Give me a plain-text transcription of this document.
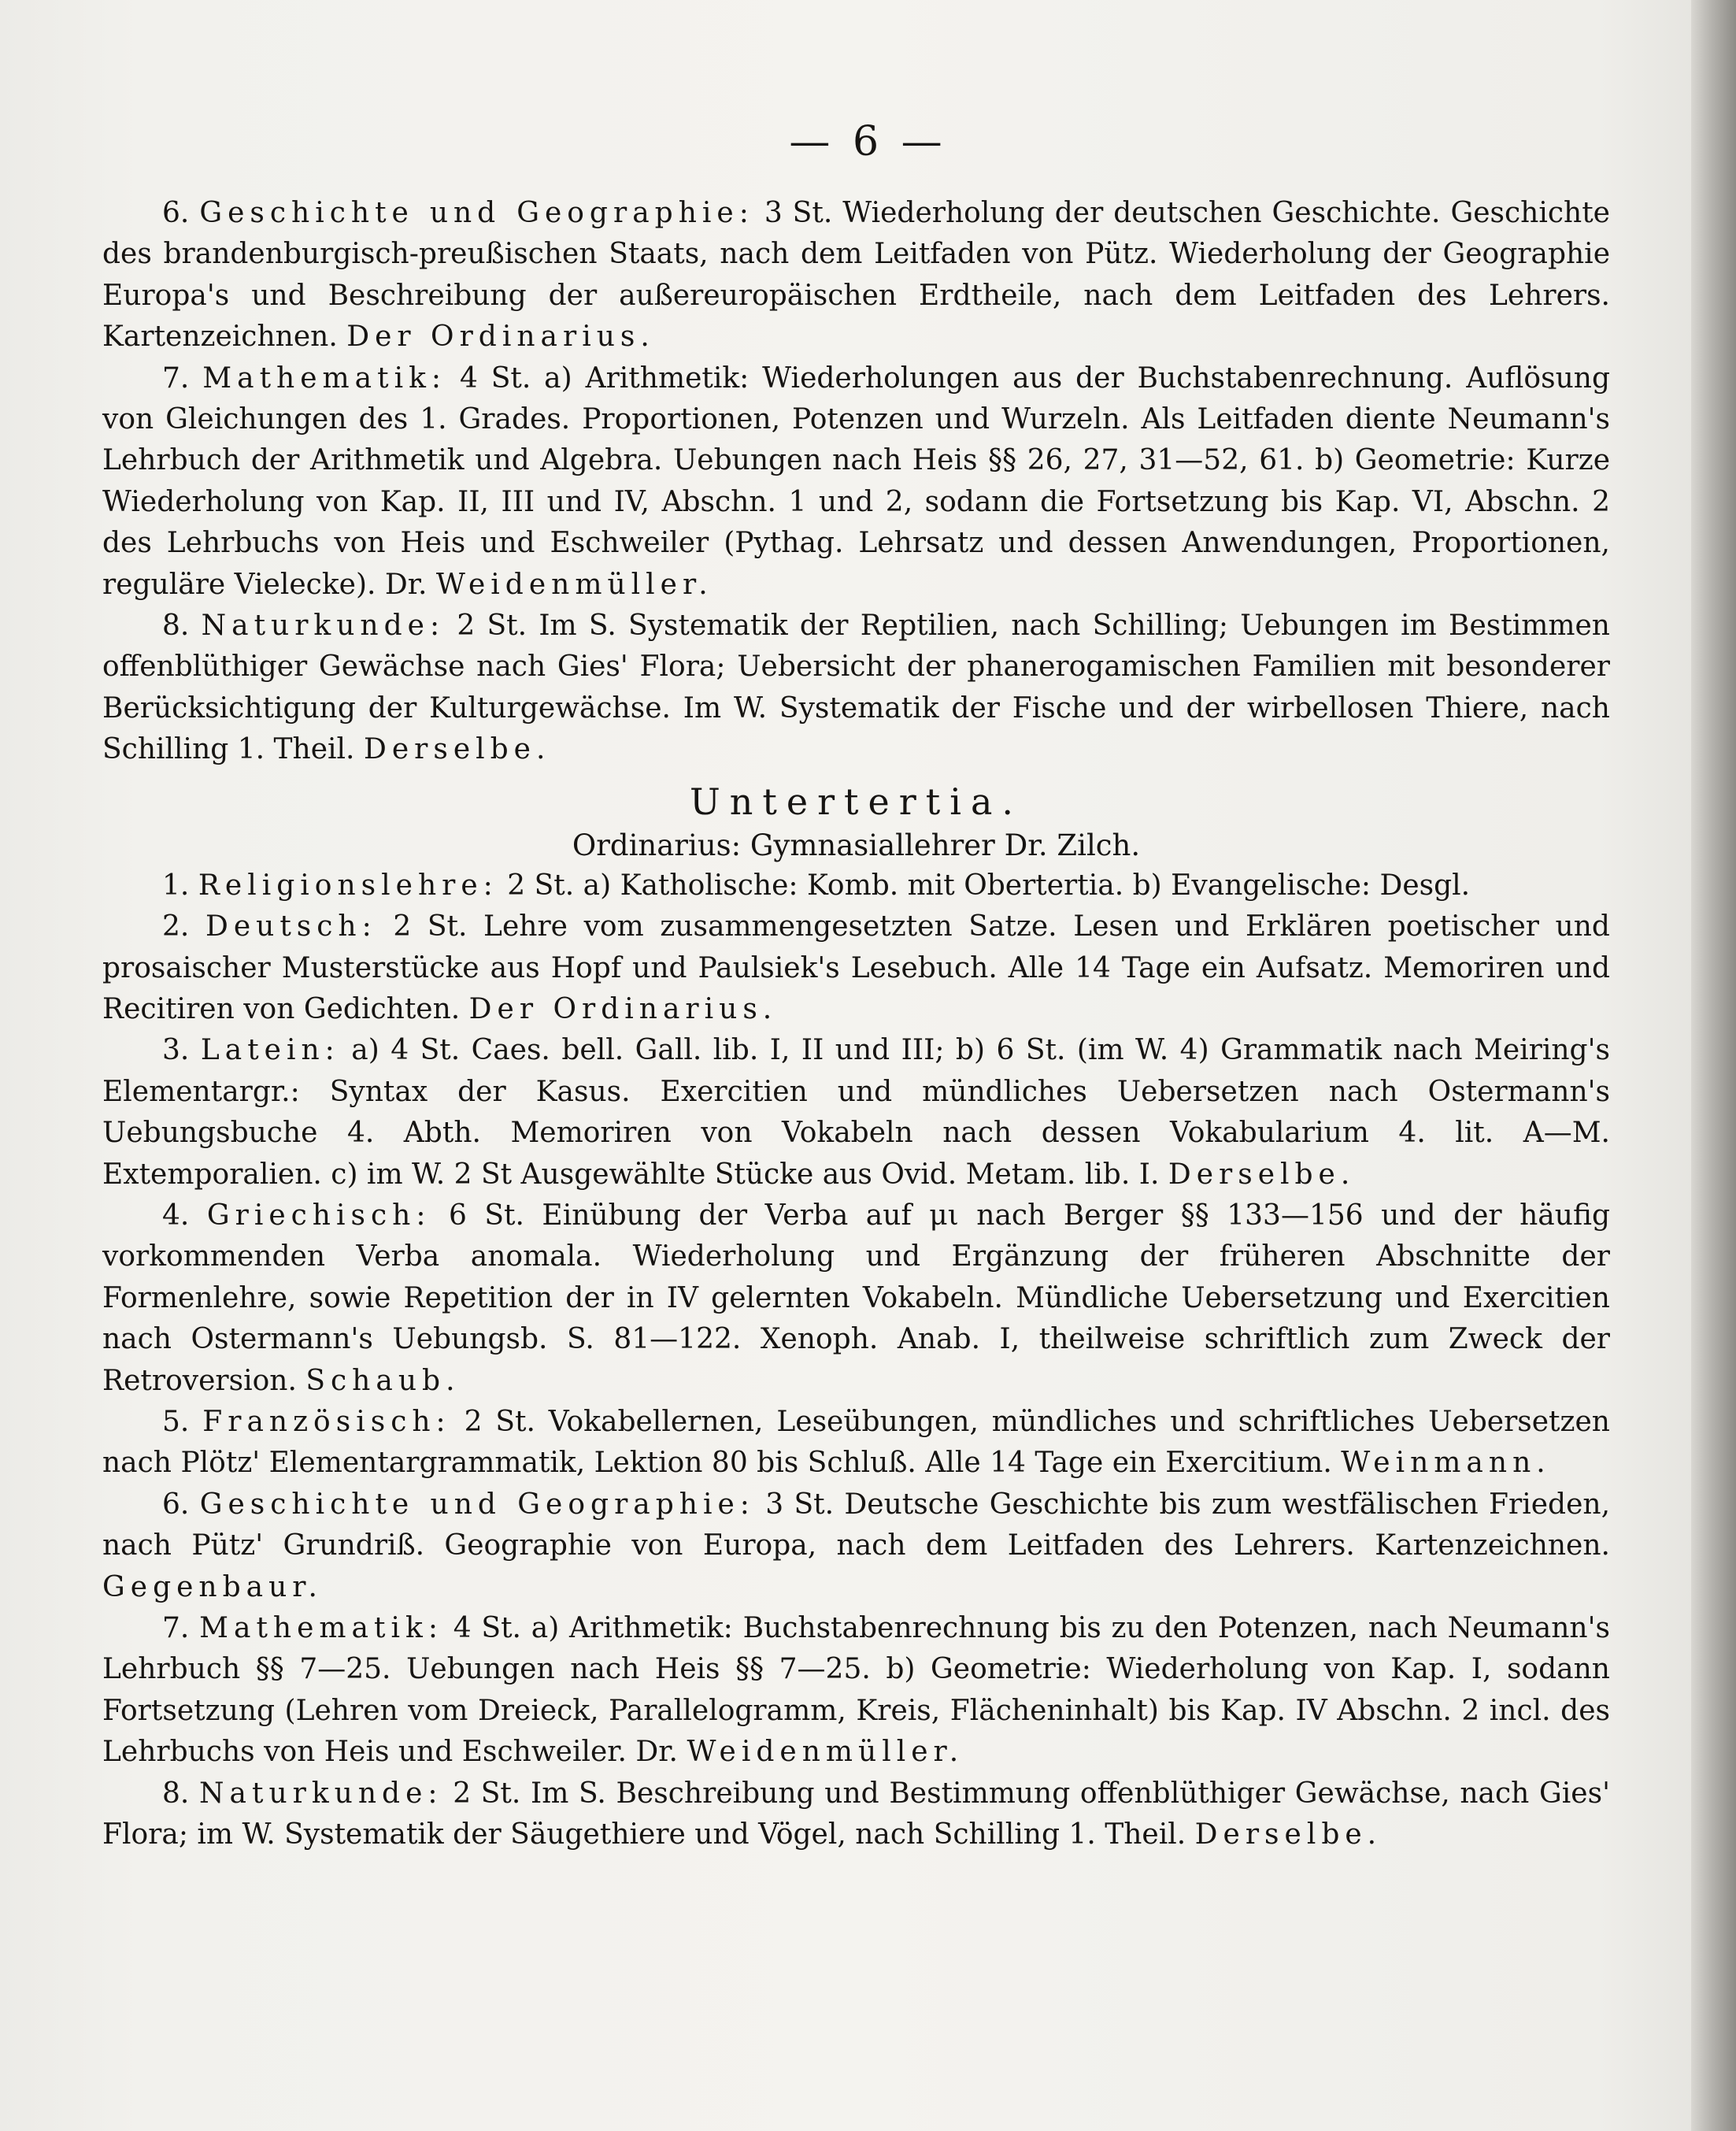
— 6 —

6. Geschichte und Geographie: 3 St. Wiederholung der deutschen Geschichte. Geschichte des brandenburgisch-preußischen Staats, nach dem Leitfaden von Pütz. Wiederholung der Geographie Europa's und Beschreibung der außereuropäischen Erdtheile, nach dem Leitfaden des Lehrers. Kartenzeichnen. Der Ordinarius.

7. Mathematik: 4 St. a) Arithmetik: Wiederholungen aus der Buchstabenrechnung. Auflösung von Gleichungen des 1. Grades. Proportionen, Potenzen und Wurzeln. Als Leitfaden diente Neumann's Lehrbuch der Arithmetik und Algebra. Uebungen nach Heis §§ 26, 27, 31—52, 61. b) Geometrie: Kurze Wiederholung von Kap. II, III und IV, Abschn. 1 und 2, sodann die Fortsetzung bis Kap. VI, Abschn. 2 des Lehrbuchs von Heis und Eschweiler (Pythag. Lehrsatz und dessen Anwendungen, Proportionen, reguläre Vielecke). Dr. Weidenmüller.

8. Naturkunde: 2 St. Im S. Systematik der Reptilien, nach Schilling; Uebungen im Bestimmen offenblüthiger Gewächse nach Gies' Flora; Uebersicht der phanerogamischen Familien mit besonderer Berücksichtigung der Kulturgewächse. Im W. Systematik der Fische und der wirbellosen Thiere, nach Schilling 1. Theil. Derselbe.

Untertertia.

Ordinarius: Gymnasiallehrer Dr. Zilch.

1. Religionslehre: 2 St. a) Katholische: Komb. mit Obertertia. b) Evangelische: Desgl.

2. Deutsch: 2 St. Lehre vom zusammengesetzten Satze. Lesen und Erklären poetischer und prosaischer Musterstücke aus Hopf und Paulsiek's Lesebuch. Alle 14 Tage ein Aufsatz. Memoriren und Recitiren von Gedichten. Der Ordinarius.

3. Latein: a) 4 St. Caes. bell. Gall. lib. I, II und III; b) 6 St. (im W. 4) Grammatik nach Meiring's Elementargr.: Syntax der Kasus. Exercitien und mündliches Uebersetzen nach Ostermann's Uebungsbuche 4. Abth. Memoriren von Vokabeln nach dessen Vokabularium 4. lit. A—M. Extemporalien. c) im W. 2 St Ausgewählte Stücke aus Ovid. Metam. lib. I. Derselbe.

4. Griechisch: 6 St. Einübung der Verba auf μι nach Berger §§ 133—156 und der häufig vorkommenden Verba anomala. Wiederholung und Ergänzung der früheren Abschnitte der Formenlehre, sowie Repetition der in IV gelernten Vokabeln. Mündliche Uebersetzung und Exercitien nach Ostermann's Uebungsb. S. 81—122. Xenoph. Anab. I, theilweise schriftlich zum Zweck der Retroversion. Schaub.

5. Französisch: 2 St. Vokabellernen, Leseübungen, mündliches und schriftliches Uebersetzen nach Plötz' Elementargrammatik, Lektion 80 bis Schluß. Alle 14 Tage ein Exercitium. Weinmann.

6. Geschichte und Geographie: 3 St. Deutsche Geschichte bis zum westfälischen Frieden, nach Pütz' Grundriß. Geographie von Europa, nach dem Leitfaden des Lehrers. Kartenzeichnen. Gegenbaur.

7. Mathematik: 4 St. a) Arithmetik: Buchstabenrechnung bis zu den Potenzen, nach Neumann's Lehrbuch §§ 7—25. Uebungen nach Heis §§ 7—25. b) Geometrie: Wiederholung von Kap. I, sodann Fortsetzung (Lehren vom Dreieck, Parallelogramm, Kreis, Flächeninhalt) bis Kap. IV Abschn. 2 incl. des Lehrbuchs von Heis und Eschweiler. Dr. Weidenmüller.

8. Naturkunde: 2 St. Im S. Beschreibung und Bestimmung offenblüthiger Gewächse, nach Gies' Flora; im W. Systematik der Säugethiere und Vögel, nach Schilling 1. Theil. Derselbe.
